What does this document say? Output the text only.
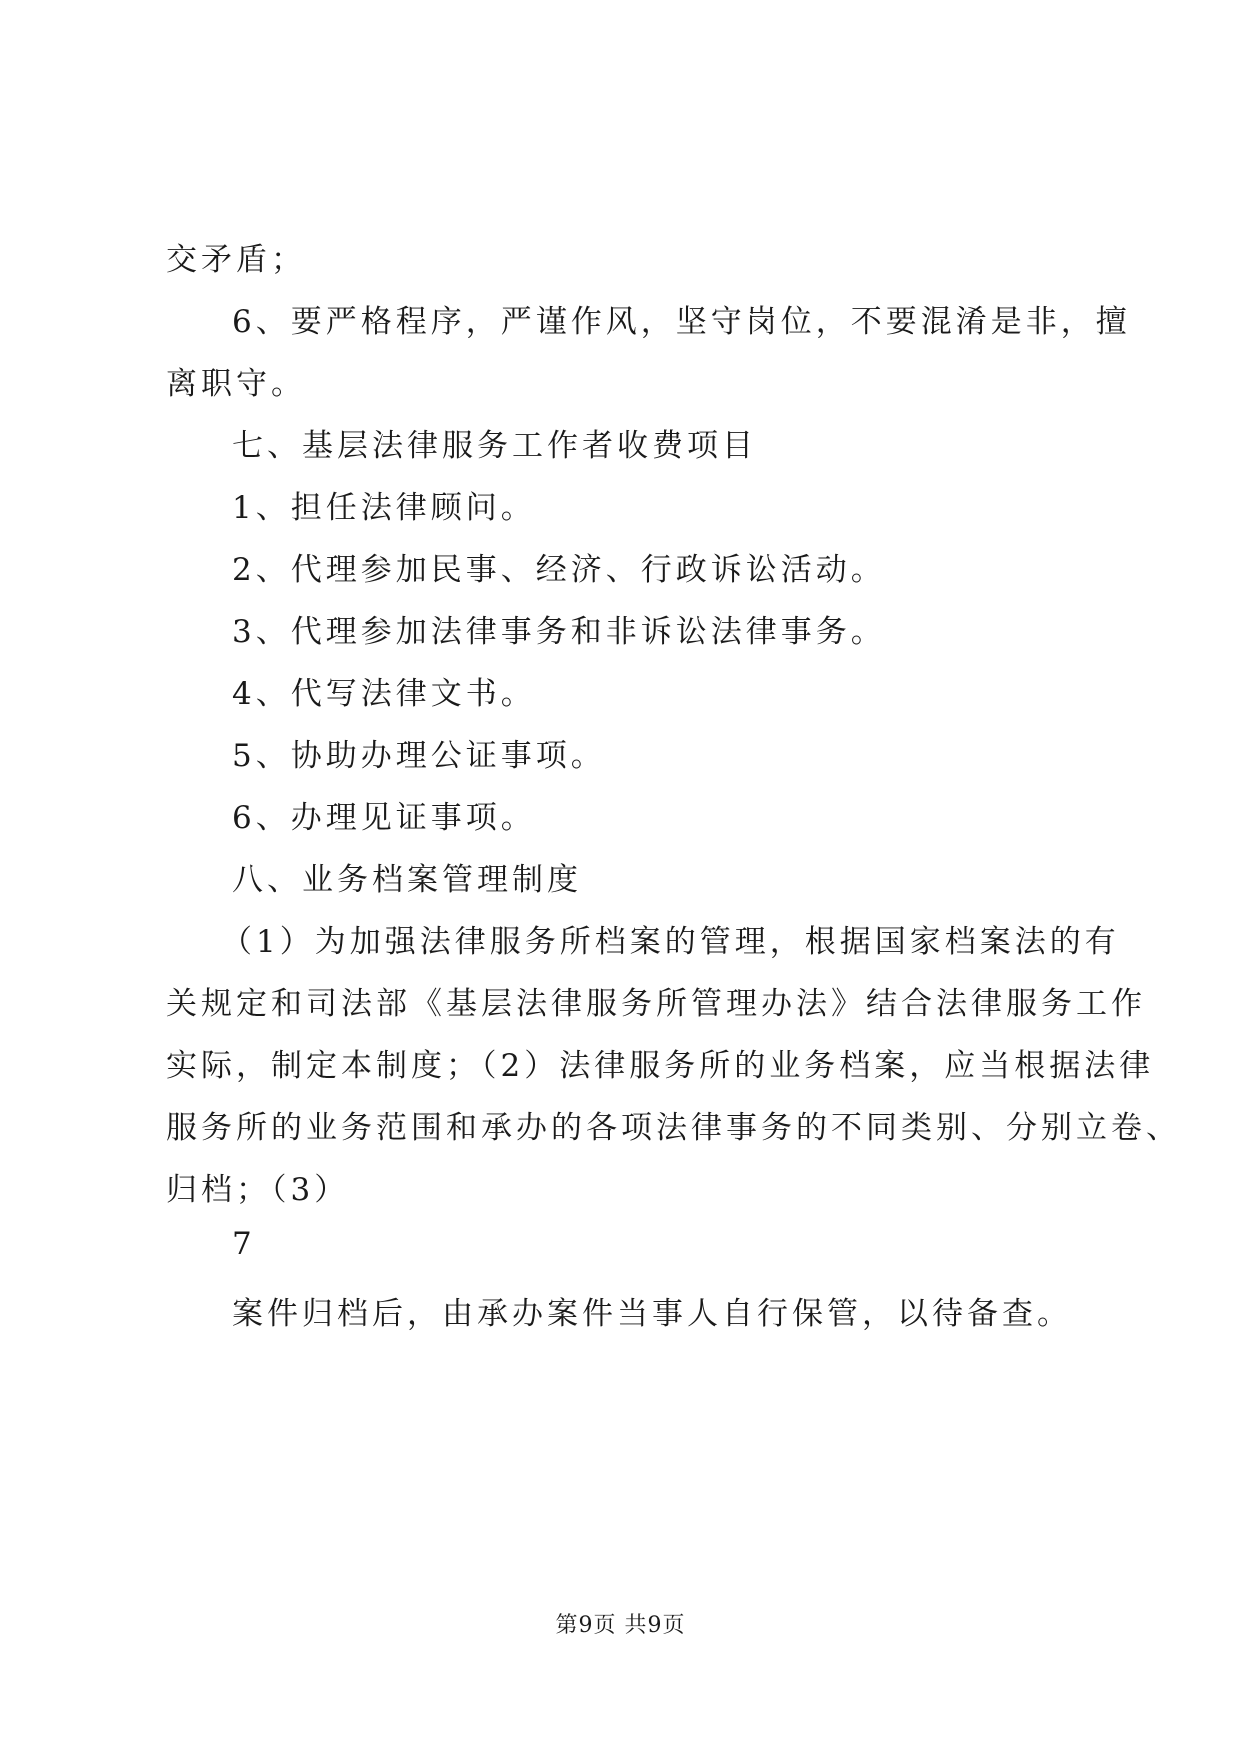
交矛盾；
6、要严格程序，严谨作风，坚守岗位，不要混淆是非，擅
离职守。
七、基层法律服务工作者收费项目
1、担任法律顾问。
2、代理参加民事、经济、行政诉讼活动。
3、代理参加法律事务和非诉讼法律事务。
4、代写法律文书。
5、协助办理公证事项。
6、办理见证事项。
八、业务档案管理制度
（1）为加强法律服务所档案的管理，根据国家档案法的有
关规定和司法部《基层法律服务所管理办法》结合法律服务工作
实际，制定本制度；（2）法律服务所的业务档案，应当根据法律
服务所的业务范围和承办的各项法律事务的不同类别、分别立卷、
归档；（3）
7
案件归档后，由承办案件当事人自行保管，以待备查。
第9页 共9页
